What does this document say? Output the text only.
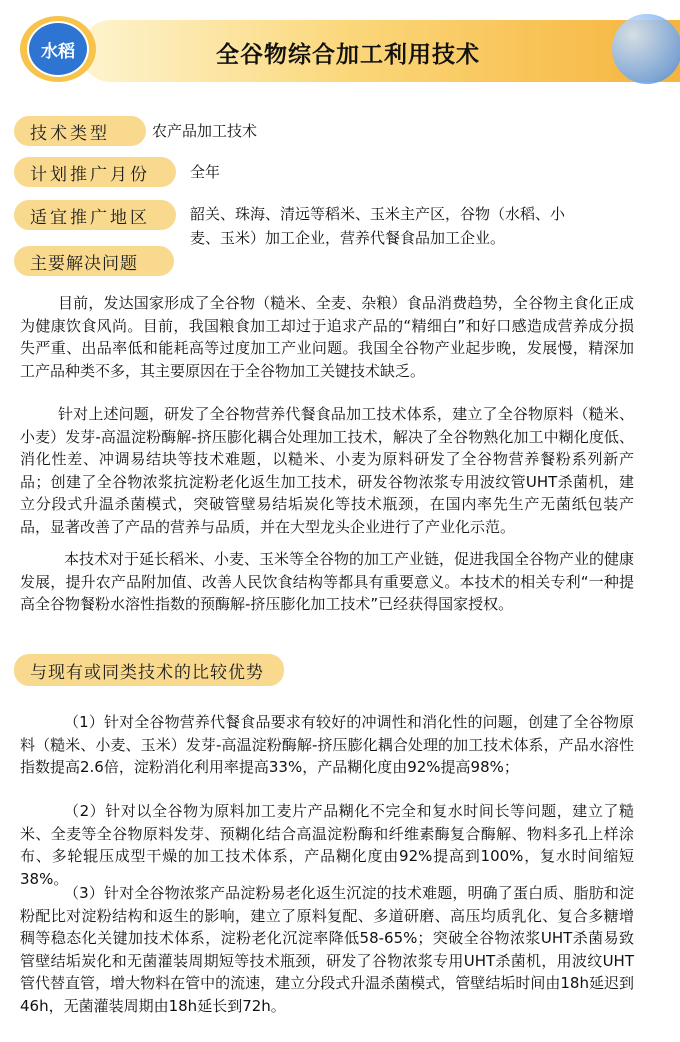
水稻	全谷物综合加工利用技术
技术类型	农产品加工技术
计划推广月份	全年
适宜推广地区	韶关、珠海、清远等稻米、玉米主产区，谷物（水稻、小
麦、玉米）加工企业，营养代餐食品加工企业。
主要解决问题

目前，发达国家形成了全谷物（糙米、全麦、杂粮）食品消费趋势，全谷物主食化正成为健康饮食风尚。目前，我国粮食加工却过于追求产品的“精细白”和好口感造成营养成分损失严重、出品率低和能耗高等过度加工产业问题。我国全谷物产业起步晚，发展慢，精深加工产品种类不多，其主要原因在于全谷物加工关键技术缺乏。

针对上述问题，研发了全谷物营养代餐食品加工技术体系，建立了全谷物原料（糙米、小麦）发芽-高温淀粉酶解-挤压膨化耦合处理加工技术，解决了全谷物熟化加工中糊化度低、消化性差、冲调易结块等技术难题，以糙米、小麦为原料研发了全谷物营养餐粉系列新产品；创建了全谷物浓浆抗淀粉老化返生加工技术，研发谷物浓浆专用波纹管UHT杀菌机，建立分段式升温杀菌模式，突破管壁易结垢炭化等技术瓶颈，在国内率先生产无菌纸包装产品，显著改善了产品的营养与品质，并在大型龙头企业进行了产业化示范。

本技术对于延长稻米、小麦、玉米等全谷物的加工产业链，促进我国全谷物产业的健康发展，提升农产品附加值、改善人民饮食结构等都具有重要意义。本技术的相关专利“一种提高全谷物餐粉水溶性指数的预酶解-挤压膨化加工技术”已经获得国家授权。

与现有或同类技术的比较优势

（1）针对全谷物营养代餐食品要求有较好的冲调性和消化性的问题，创建了全谷物原料（糙米、小麦、玉米）发芽-高温淀粉酶解-挤压膨化耦合处理的加工技术体系，产品水溶性指数提高2.6倍，淀粉消化利用率提高33%，产品糊化度由92%提高98%；

（2）针对以全谷物为原料加工麦片产品糊化不完全和复水时间长等问题，建立了糙米、全麦等全谷物原料发芽、预糊化结合高温淀粉酶和纤维素酶复合酶解、物料多孔上样涂布、多轮辊压成型干燥的加工技术体系，产品糊化度由92%提高到100%，复水时间缩短38%。

（3）针对全谷物浓浆产品淀粉易老化返生沉淀的技术难题，明确了蛋白质、脂肪和淀粉配比对淀粉结构和返生的影响，建立了原料复配、多道研磨、高压均质乳化、复合多糖增稠等稳态化关键加技术体系，淀粉老化沉淀率降低58-65%；突破全谷物浓浆UHT杀菌易致管壁结垢炭化和无菌灌装周期短等技术瓶颈，研发了谷物浓浆专用UHT杀菌机，用波纹UHT管代替直管，增大物料在管中的流速，建立分段式升温杀菌模式，管壁结垢时间由18h延迟到46h，无菌灌装周期由18h延长到72h。
